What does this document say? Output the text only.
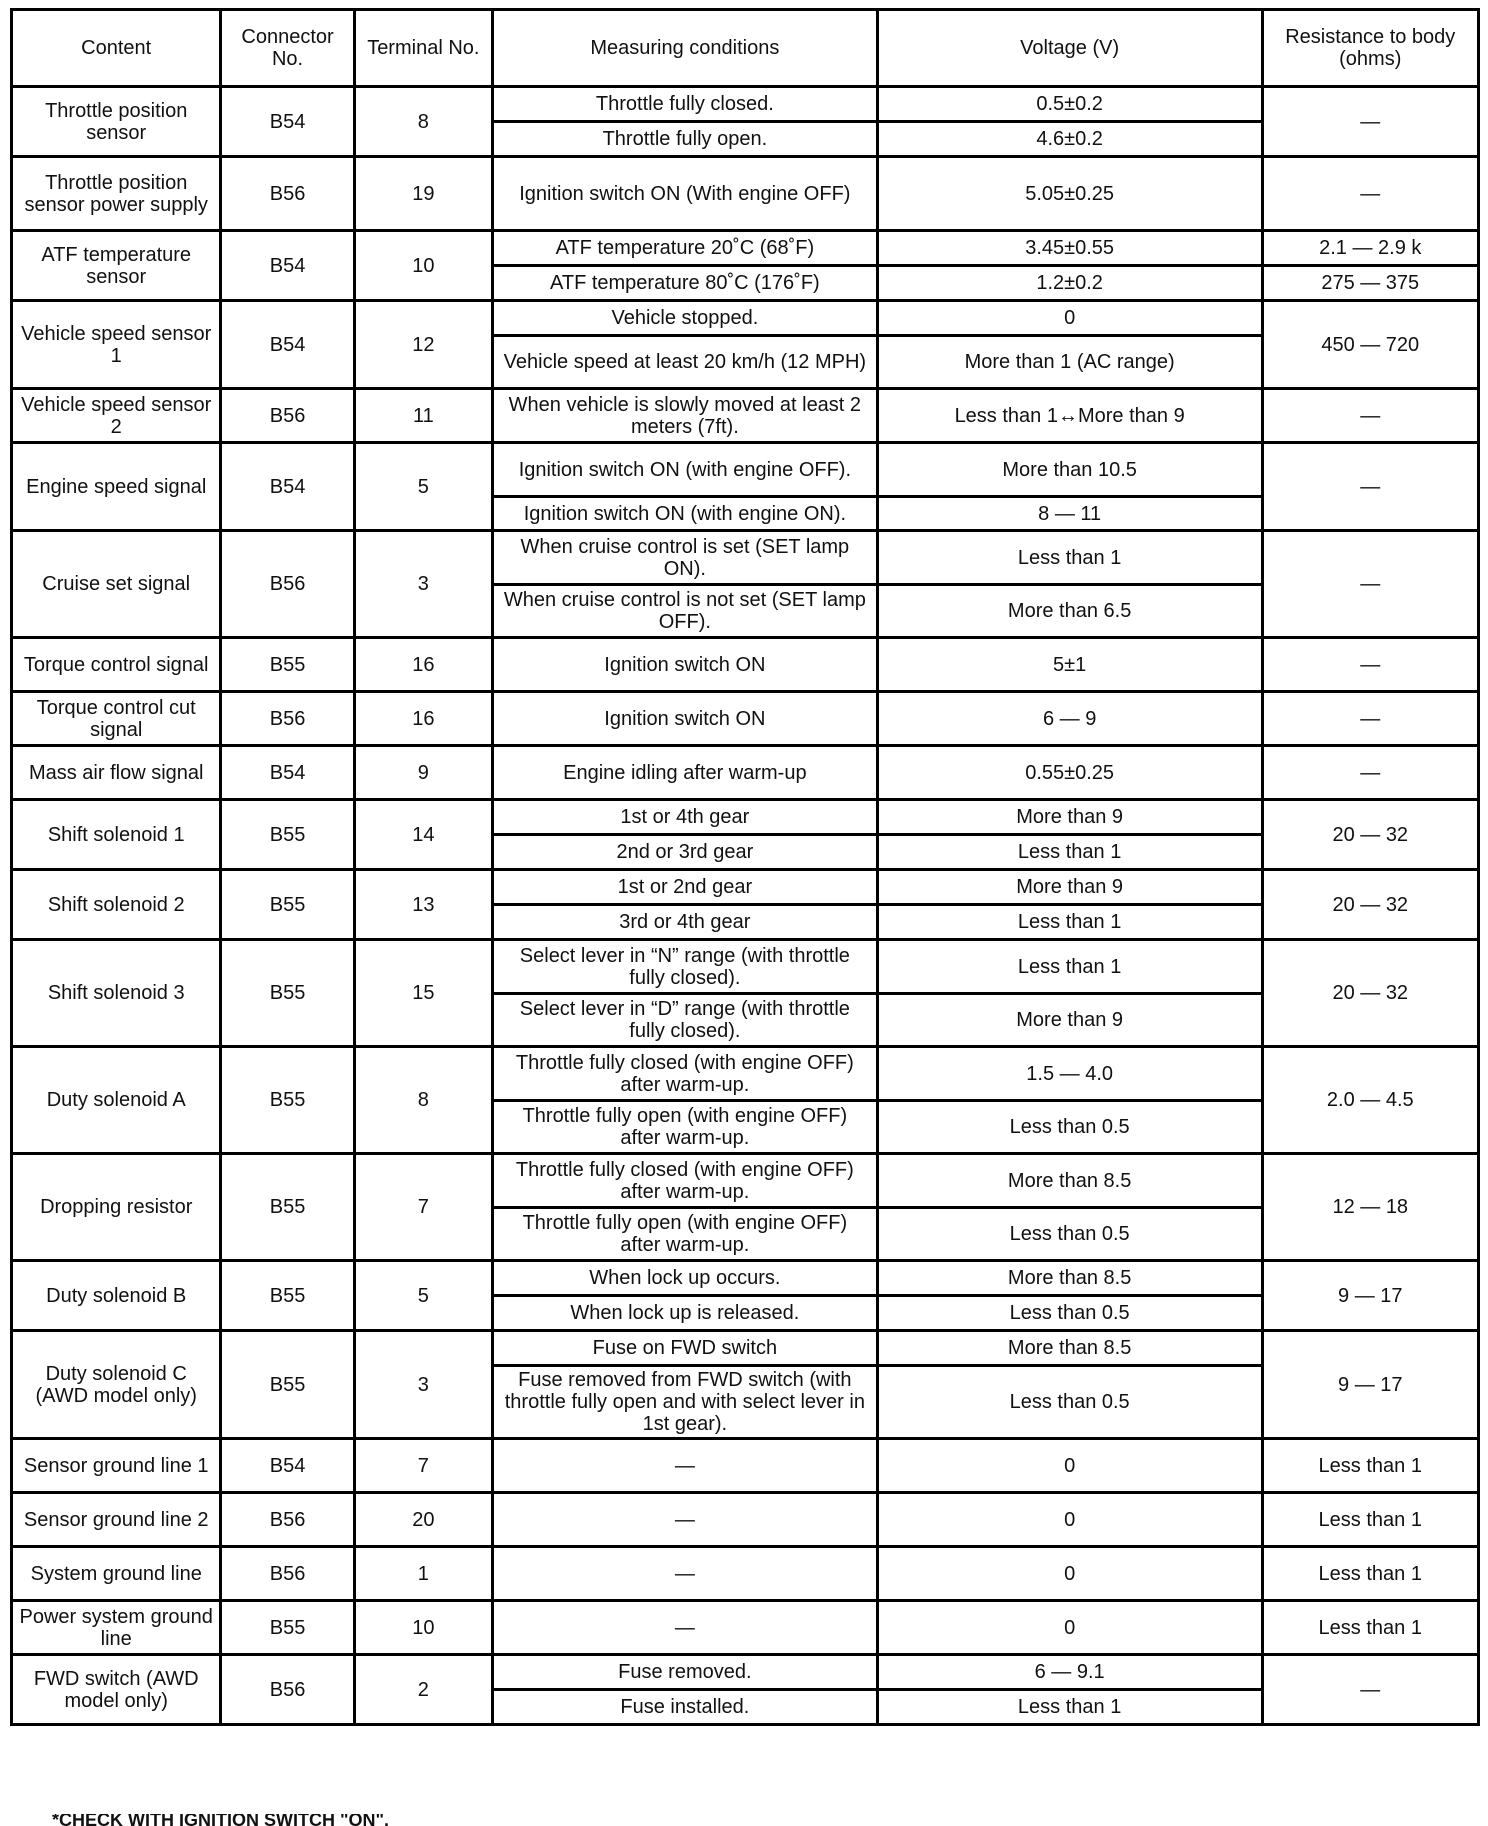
Content	Connector No.	Terminal No.	Measuring conditions	Voltage (V)	Resistance to body (ohms)
Throttle position sensor	B54	8	Throttle fully closed.	0.5±0.2	—
			Throttle fully open.	4.6±0.2	
Throttle position sensor power supply	B56	19	Ignition switch ON (With engine OFF)	5.05±0.25	—
ATF temperature sensor	B54	10	ATF temperature 20˚C (68˚F)	3.45±0.55	2.1 — 2.9 k
			ATF temperature 80˚C (176˚F)	1.2±0.2	275 — 375
Vehicle speed sensor 1	B54	12	Vehicle stopped.	0	450 — 720
			Vehicle speed at least 20 km/h (12 MPH)	More than 1 (AC range)	
Vehicle speed sensor 2	B56	11	When vehicle is slowly moved at least 2 meters (7ft).	Less than 1↔More than 9	—
Engine speed signal	B54	5	Ignition switch ON (with engine OFF).	More than 10.5	—
			Ignition switch ON (with engine ON).	8 — 11	
Cruise set signal	B56	3	When cruise control is set (SET lamp ON).	Less than 1	—
			When cruise control is not set (SET lamp OFF).	More than 6.5	
Torque control signal	B55	16	Ignition switch ON	5±1	—
Torque control cut signal	B56	16	Ignition switch ON	6 — 9	—
Mass air flow signal	B54	9	Engine idling after warm-up	0.55±0.25	—
Shift solenoid 1	B55	14	1st or 4th gear	More than 9	20 — 32
			2nd or 3rd gear	Less than 1	
Shift solenoid 2	B55	13	1st or 2nd gear	More than 9	20 — 32
			3rd or 4th gear	Less than 1	
Shift solenoid 3	B55	15	Select lever in “N” range (with throttle fully closed).	Less than 1	20 — 32
			Select lever in “D” range (with throttle fully closed).	More than 9	
Duty solenoid A	B55	8	Throttle fully closed (with engine OFF) after warm-up.	1.5 — 4.0	2.0 — 4.5
			Throttle fully open (with engine OFF) after warm-up.	Less than 0.5	
Dropping resistor	B55	7	Throttle fully closed (with engine OFF) after warm-up.	More than 8.5	12 — 18
			Throttle fully open (with engine OFF) after warm-up.	Less than 0.5	
Duty solenoid B	B55	5	When lock up occurs.	More than 8.5	9 — 17
			When lock up is released.	Less than 0.5	
Duty solenoid C (AWD model only)	B55	3	Fuse on FWD switch	More than 8.5	9 — 17
			Fuse removed from FWD switch (with throttle fully open and with select lever in 1st gear).	Less than 0.5	
Sensor ground line 1	B54	7	—	0	Less than 1
Sensor ground line 2	B56	20	—	0	Less than 1
System ground line	B56	1	—	0	Less than 1
Power system ground line	B55	10	—	0	Less than 1
FWD switch (AWD model only)	B56	2	Fuse removed.	6 — 9.1	—
			Fuse installed.	Less than 1	
*CHECK WITH IGNITION SWITCH "ON".
